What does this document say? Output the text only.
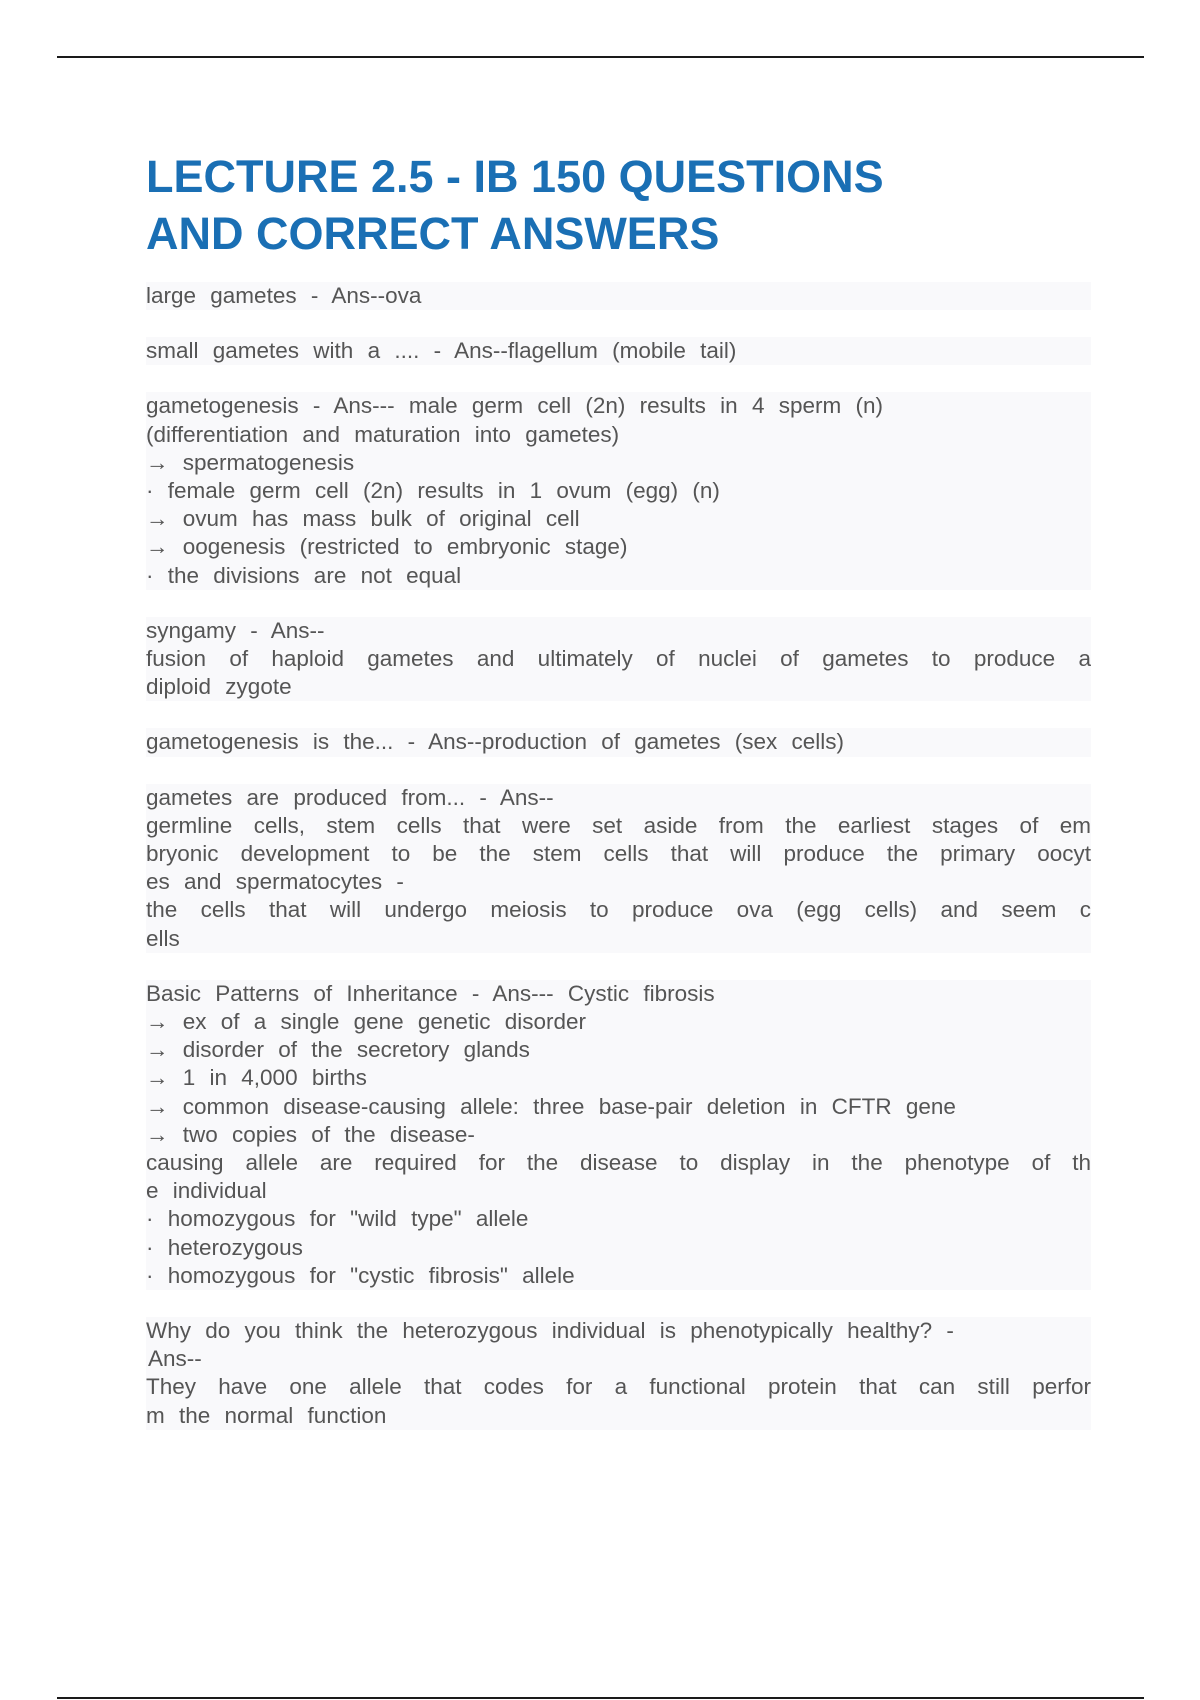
LECTURE 2.5 - IB 150 QUESTIONS
AND CORRECT ANSWERS
large gametes - Ans--ova
small gametes with a .... - Ans--flagellum (mobile tail)
gametogenesis - Ans--- male germ cell (2n) results in 4 sperm (n)
(differentiation and maturation into gametes)
→ spermatogenesis
· female germ cell (2n) results in 1 ovum (egg) (n)
→ ovum has mass bulk of original cell
→ oogenesis (restricted to embryonic stage)
· the divisions are not equal
syngamy - Ans--
fusion of haploid gametes and ultimately of nuclei of gametes to produce a
diploid zygote
gametogenesis is the... - Ans--production of gametes (sex cells)
gametes are produced from... - Ans--
germline cells, stem cells that were set aside from the earliest stages of em
bryonic development to be the stem cells that will produce the primary oocyt
es and spermatocytes -
the cells that will undergo meiosis to produce ova (egg cells) and seem c
ells
Basic Patterns of Inheritance - Ans--- Cystic fibrosis
→ ex of a single gene genetic disorder
→ disorder of the secretory glands
→ 1 in 4,000 births
→ common disease-causing allele: three base-pair deletion in CFTR gene
→ two copies of the disease-
causing allele are required for the disease to display in the phenotype of th
e individual
· homozygous for "wild type" allele
· heterozygous
· homozygous for "cystic fibrosis" allele
Why do you think the heterozygous individual is phenotypically healthy? -
Ans--
They have one allele that codes for a functional protein that can still perfor
m the normal function
